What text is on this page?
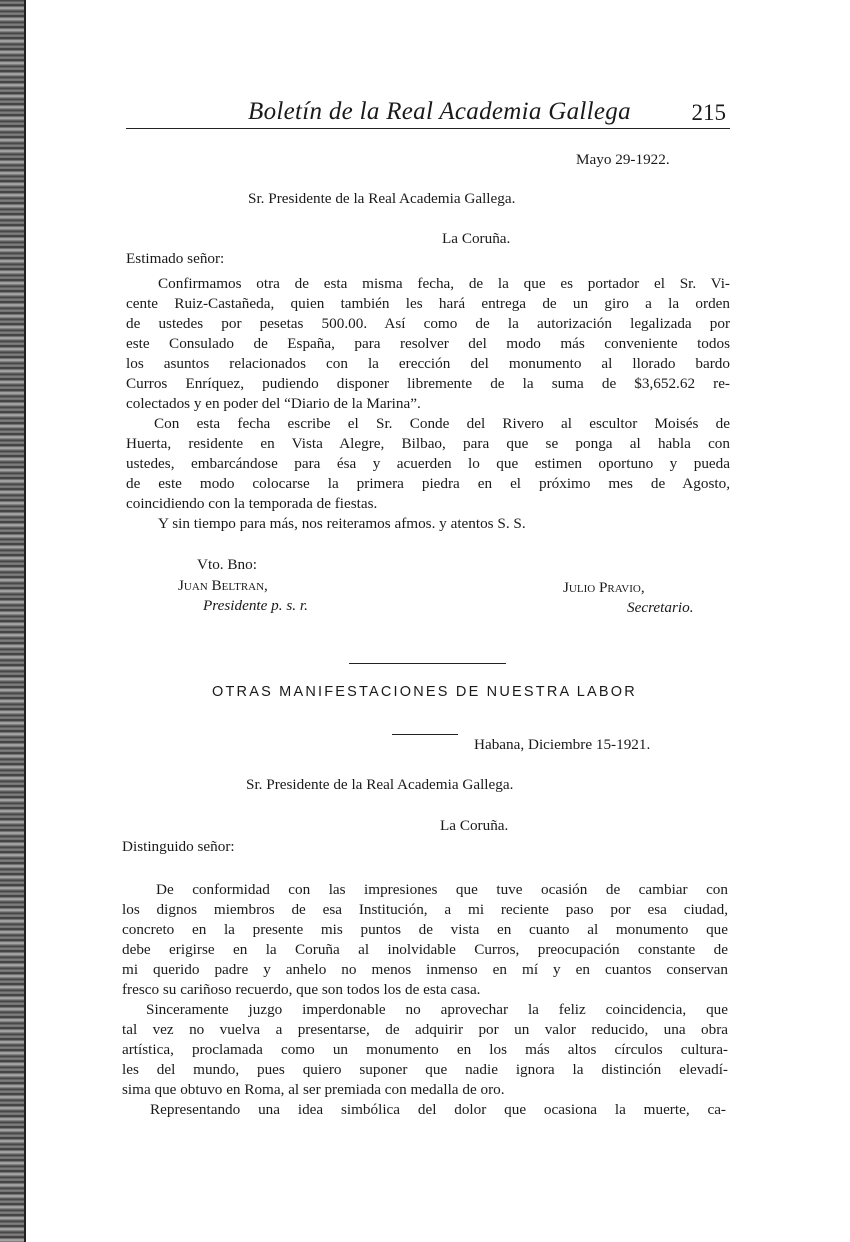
Boletín de la Real Academia Gallega	215
Mayo 29-1922.
Sr. Presidente de la Real Academia Gallega.
La Coruña.
Estimado señor:
Confirmamos otra de esta misma fecha, de la que es portador el Sr. Vi-
cente Ruiz-Castañeda, quien también les hará entrega de un giro a la orden
de ustedes por pesetas 500.00. Así como de la autorización legalizada por
este Consulado de España, para resolver del modo más conveniente todos
los asuntos relacionados con la erección del monumento al llorado bardo
Curros Enríquez, pudiendo disponer libremente de la suma de $3,652.62 re-
colectados y en poder del “Diario de la Marina”.
Con esta fecha escribe el Sr. Conde del Rivero al escultor Moisés de
Huerta, residente en Vista Alegre, Bilbao, para que se ponga al habla con
ustedes, embarcándose para ésa y acuerden lo que estimen oportuno y pueda
de este modo colocarse la primera piedra en el próximo mes de Agosto,
coincidiendo con la temporada de fiestas.
Y sin tiempo para más, nos reiteramos afmos. y atentos S. S.
Vto. Bno:
Juan Beltran,
Presidente p. s. r.
Julio Pravio,
Secretario.
OTRAS MANIFESTACIONES DE NUESTRA LABOR
Habana, Diciembre 15-1921.
Sr. Presidente de la Real Academia Gallega.
La Coruña.
Distinguido señor:
De conformidad con las impresiones que tuve ocasión de cambiar con
los dignos miembros de esa Institución, a mi reciente paso por esa ciudad,
concreto en la presente mis puntos de vista en cuanto al monumento que
debe erigirse en la Coruña al inolvidable Curros, preocupación constante de
mi querido padre y anhelo no menos inmenso en mí y en cuantos conservan
fresco su cariñoso recuerdo, que son todos los de esta casa.
Sinceramente juzgo imperdonable no aprovechar la feliz coincidencia, que
tal vez no vuelva a presentarse, de adquirir por un valor reducido, una obra
artística, proclamada como un monumento en los más altos círculos cultura-
les del mundo, pues quiero suponer que nadie ignora la distinción elevadí-
sima que obtuvo en Roma, al ser premiada con medalla de oro.
Representando una idea simbólica del dolor que ocasiona la muerte, ca-
